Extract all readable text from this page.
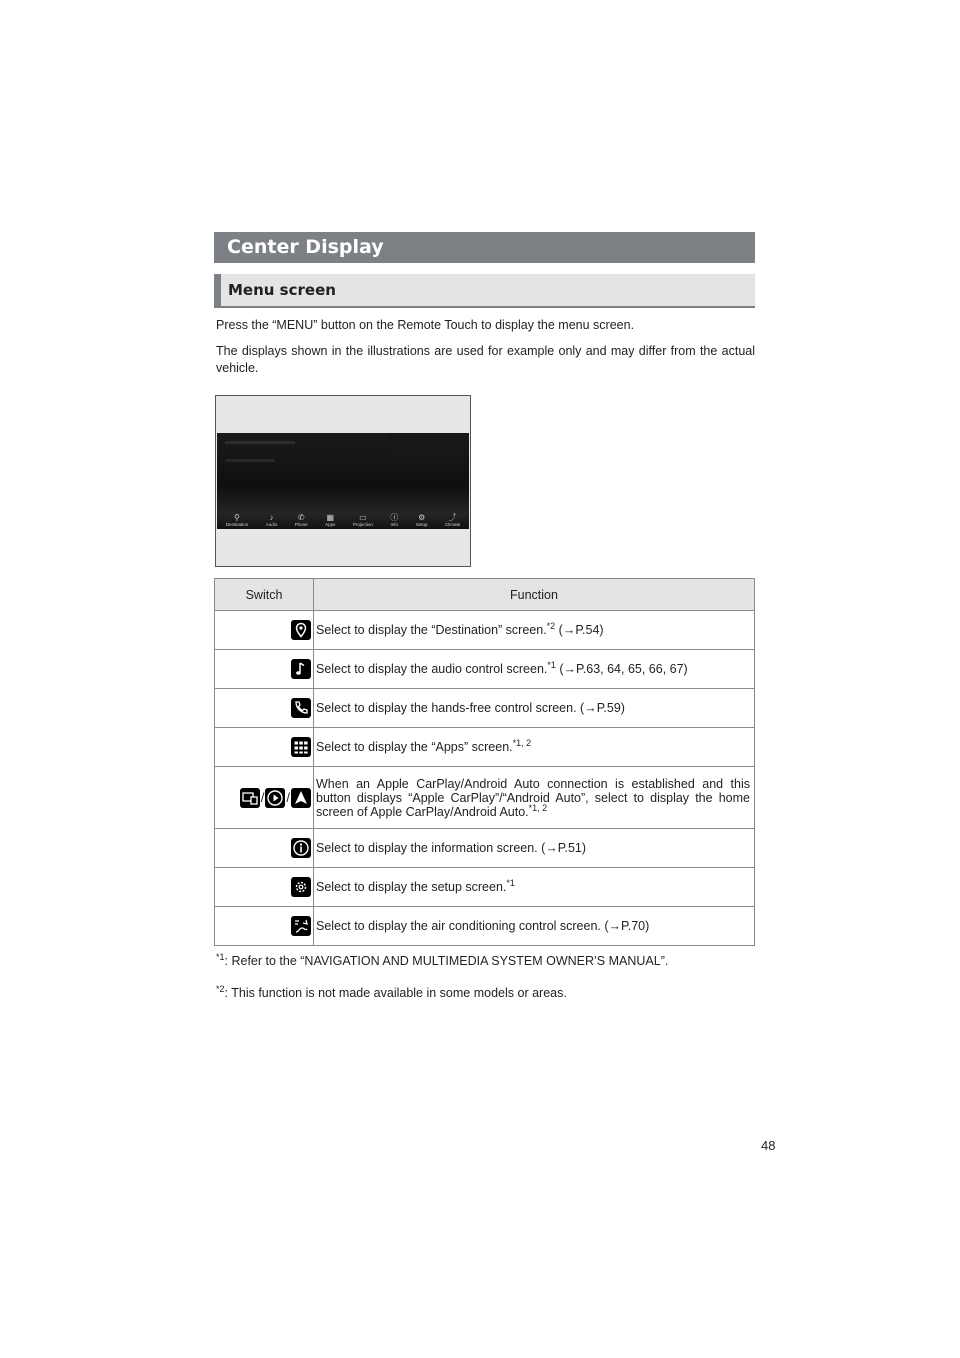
Center Display
Menu screen
Press the “MENU” button on the Remote Touch to display the menu screen.
The displays shown in the illustrations are used for example only and may differ from the actual vehicle.
⚲
Destination
♪
Audio
✆
Phone
▦
Apps
▭
Projection
ⓘ
Info
⚙
Setup
⤴
Climate
Switch	Function

	Select to display the “Destination” screen.$^{*2}$ (→P.54)

	Select to display the audio control screen.$^{*1}$ (→P.63, 64, 65, 66, 67)

	Select to display the hands-free control screen. (→P.59)

	Select to display the “Apps” screen.$^{*1, 2}$

/ /	When an Apple CarPlay/Android Auto connection is established and this button displays “Apple CarPlay”/“Android Auto”, select to display the home screen of Apple CarPlay/Android Auto.$^{*1, 2}$

	Select to display the information screen. (→P.51)

	Select to display the setup screen.$^{*1}$

	Select to display the air conditioning control screen. (→P.70)
$^{*1}$: Refer to the “NAVIGATION AND MULTIMEDIA SYSTEM OWNER’S MANUAL”.
$^{*2}$: This function is not made available in some models or areas.
48
